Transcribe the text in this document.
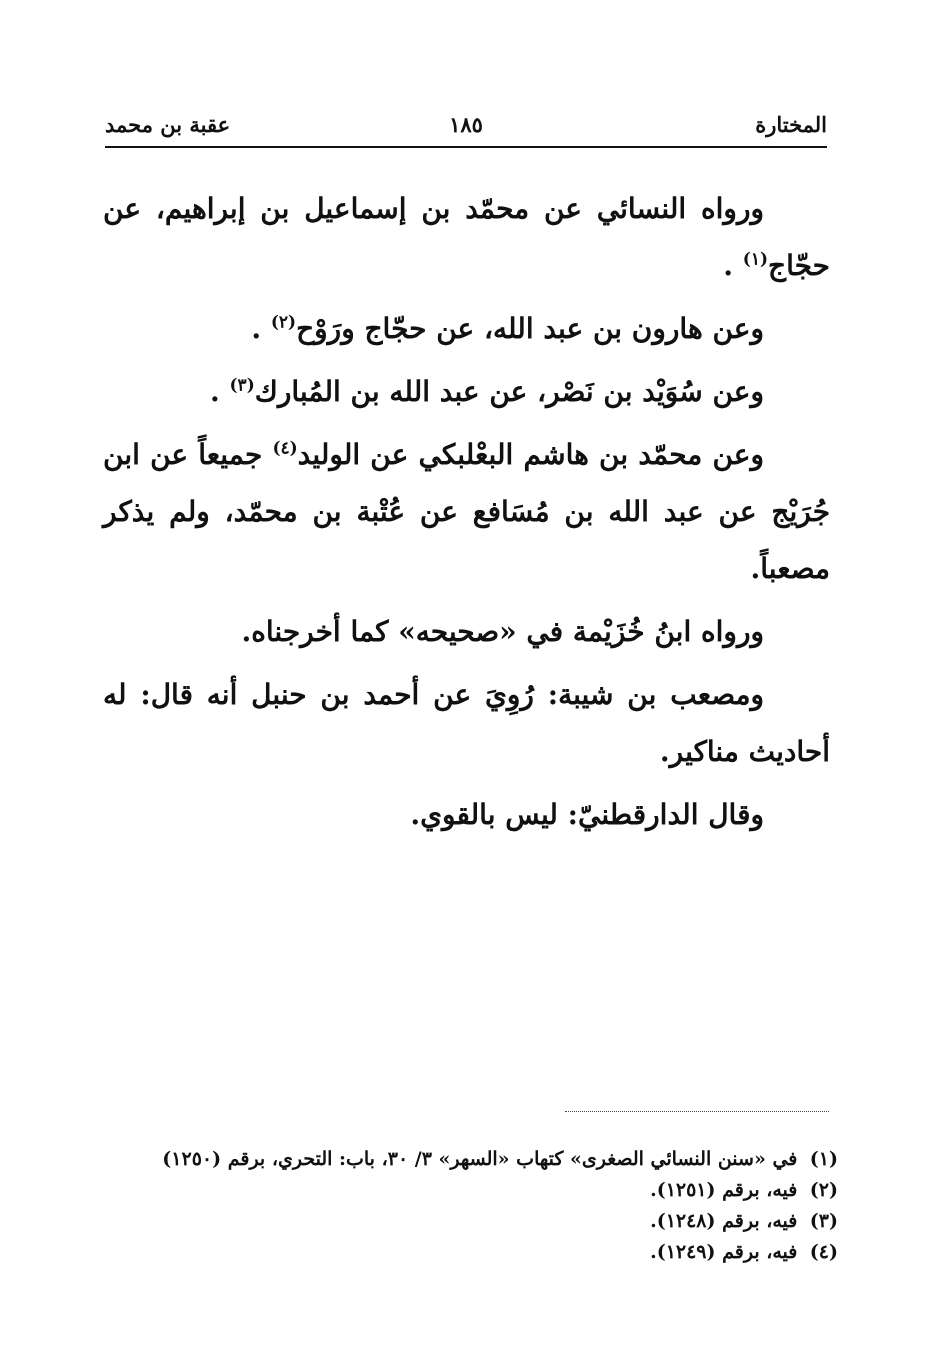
المختارة
١٨٥
عقبة بن محمد

ورواه النسائي عن محمّد بن إسماعيل بن إبراهيم، عن حجّاج$^{(١)}$ .

وعن هارون بن عبد الله، عن حجّاج ورَوْح$^{(٢)}$ .

وعن سُوَيْد بن نَصْر، عن عبد الله بن المُبارك$^{(٣)}$ .

وعن محمّد بن هاشم البعْلبكي عن الوليد$^{(٤)}$ جميعاً عن ابن جُرَيْج عن عبد الله بن مُسَافع عن عُتْبة بن محمّد، ولم يذكر مصعباً.

ورواه ابنُ خُزَيْمة في «صحيحه» كما أخرجناه.

ومصعب بن شيبة: رُوِيَ عن أحمد بن حنبل أنه قال: له أحاديث مناكير.

وقال الدارقطنيّ: ليس بالقوي.

(١) في «سنن النسائي الصغرى» كتهاب «السهر» ٣/ ٣٠، باب: التحري، برقم (١٢٥٠)
(٢) فيه، برقم (١٢٥١).
(٣) فيه، برقم (١٢٤٨).
(٤) فيه، برقم (١٢٤٩).
